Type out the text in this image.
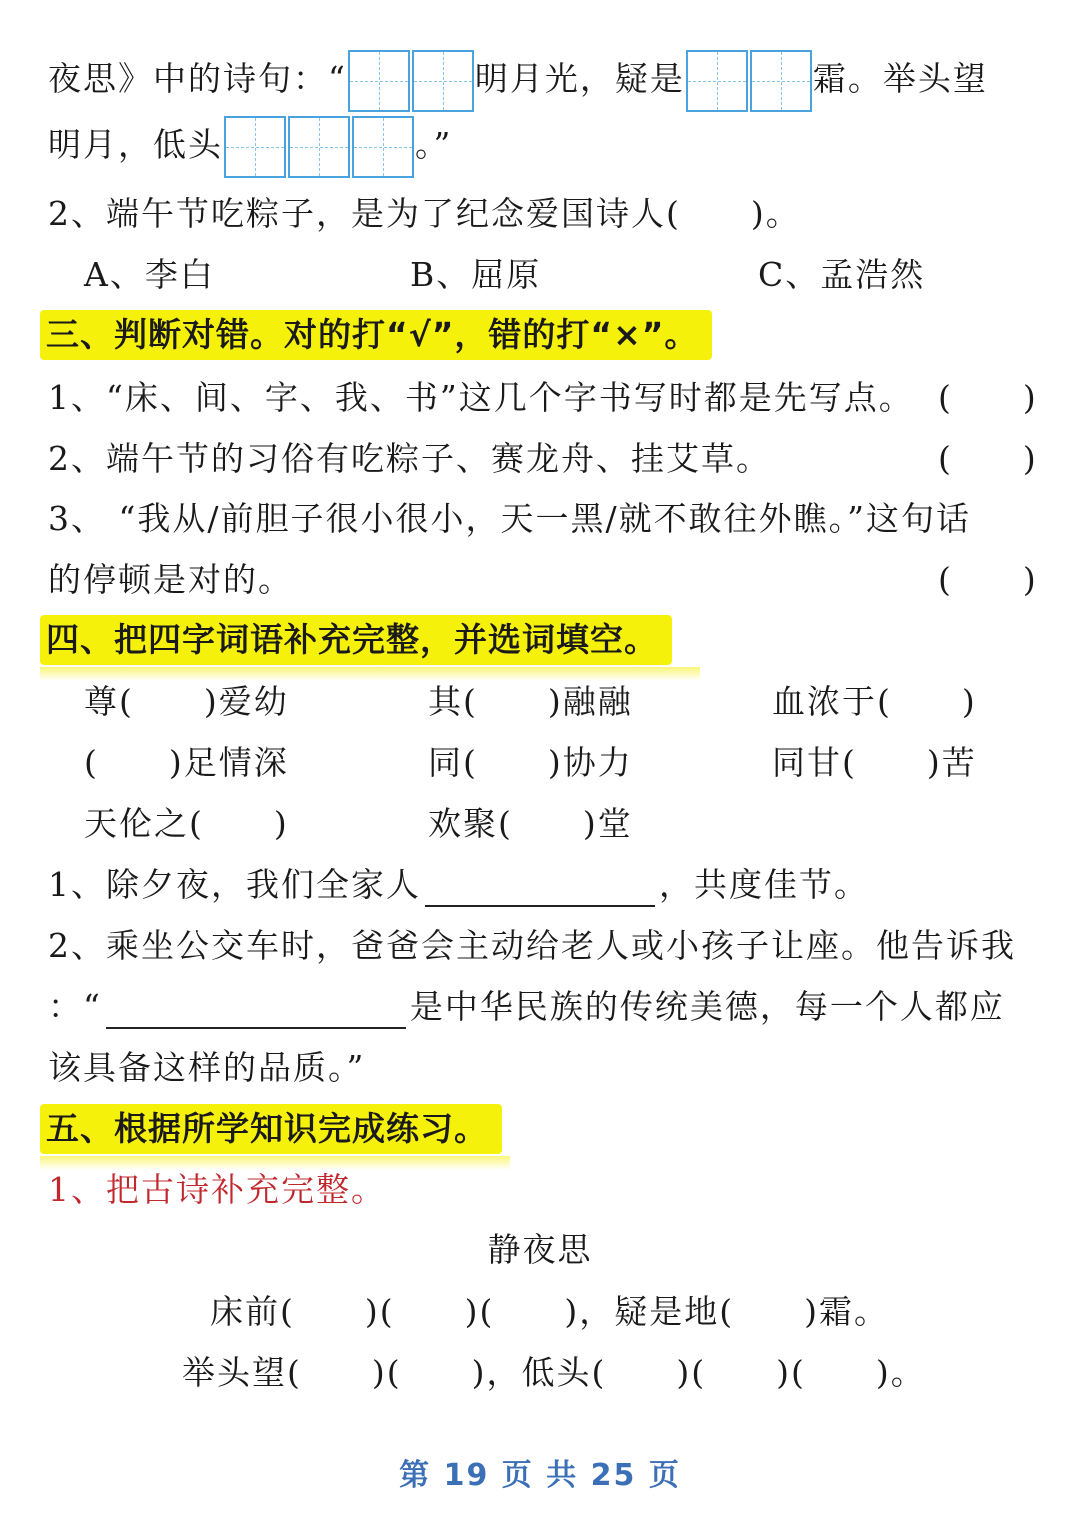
夜思》中的诗句：“	明月光，疑是	霜。举头望
明月，低头	。”
2、端午节吃粽子，是为了纪念爱国诗人(　　)。
A、李白	B、屈原	C、孟浩然
三、判断对错。对的打“√”，错的打“×”。
1、“床、间、字、我、书”这几个字书写时都是先写点。 (　　)
2、端午节的习俗有吃粽子、赛龙舟、挂艾草。	(　　)
3、 “我从/前胆子很小很小，天一黑/就不敢往外瞧。”这句话
的停顿是对的。	(　　)
四、把四字词语补充完整，并选词填空。
尊(　　)爱幼	其(　　)融融	血浓于(　　)
(　　)足情深	同(　　)协力	同甘(　　)苦
天伦之(　　)	欢聚(　　)堂
1、除夕夜，我们全家人	，共度佳节。
2、乘坐公交车时，爸爸会主动给老人或小孩子让座。他告诉我
：“	是中华民族的传统美德，每一个人都应
该具备这样的品质。”
五、根据所学知识完成练习。
1、把古诗补充完整。
静夜思
床前(　　)(　　)(　　)，疑是地(　　)霜。
举头望(　　)(　　)，低头(　　)(　　)(　　)。
第 19 页 共 25 页
